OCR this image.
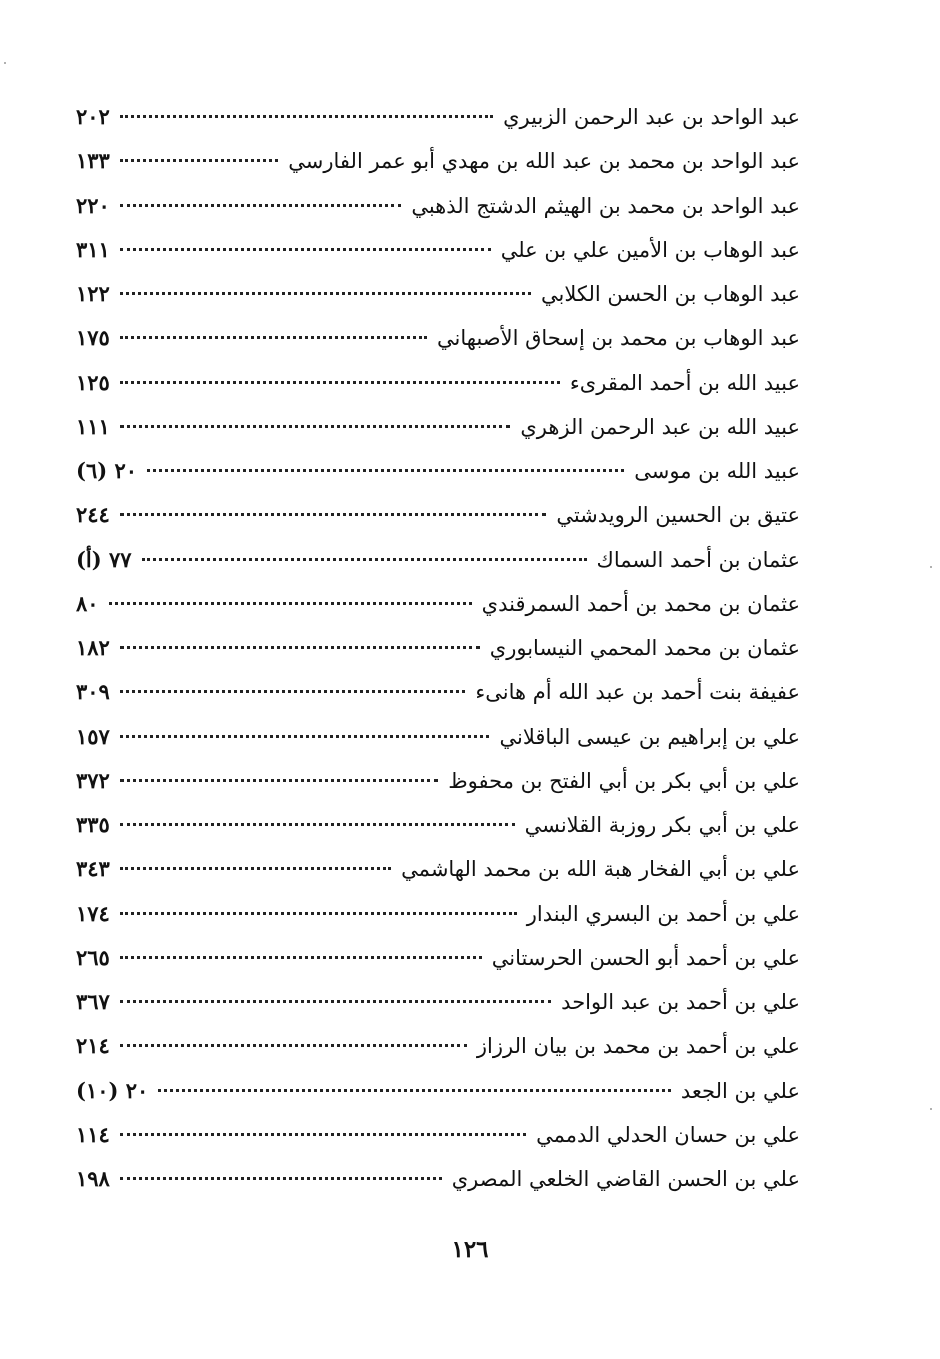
عبد الواحد بن عبد الرحمن الزبيري
٢٠٢
عبد الواحد بن محمد بن عبد الله بن مهدي أبو عمر الفارسي
١٣٣
عبد الواحد بن محمد بن الهيثم الدشتج الذهبي
٢٢٠
عبد الوهاب بن الأمين علي بن علي
٣١١
عبد الوهاب بن الحسن الكلابي
١٢٢
عبد الوهاب بن محمد بن إسحاق الأصبهاني
١٧٥
عبيد الله بن أحمد المقرىء
١٢٥
عبيد الله بن عبد الرحمن الزهري
١١١
عبيد الله بن موسى
٢٠ (٦)
عتيق بن الحسين الرويدشتي
٢٤٤
عثمان بن أحمد السماك
٧٧ (أ)
عثمان بن محمد بن أحمد السمرقندي
٨٠
عثمان بن محمد المحمي النيسابوري
١٨٢
عفيفة بنت أحمد بن عبد الله أم هانىء
٣٠٩
علي بن إبراهيم بن عيسى الباقلاني
١٥٧
علي بن أبي بكر بن أبي الفتح بن محفوظ
٣٧٢
علي بن أبي بكر روزبة القلانسي
٣٣٥
علي بن أبي الفخار هبة الله بن محمد الهاشمي
٣٤٣
علي بن أحمد بن البسري البندار
١٧٤
علي بن أحمد أبو الحسن الحرستاني
٢٦٥
علي بن أحمد بن عبد الواحد
٣٦٧
علي بن أحمد بن محمد بن بيان الرزاز
٢١٤
علي بن الجعد
٢٠ (١٠)
علي بن حسان الحدلي الدممي
١١٤
علي بن الحسن القاضي الخلعي المصري
١٩٨
١٢٦
